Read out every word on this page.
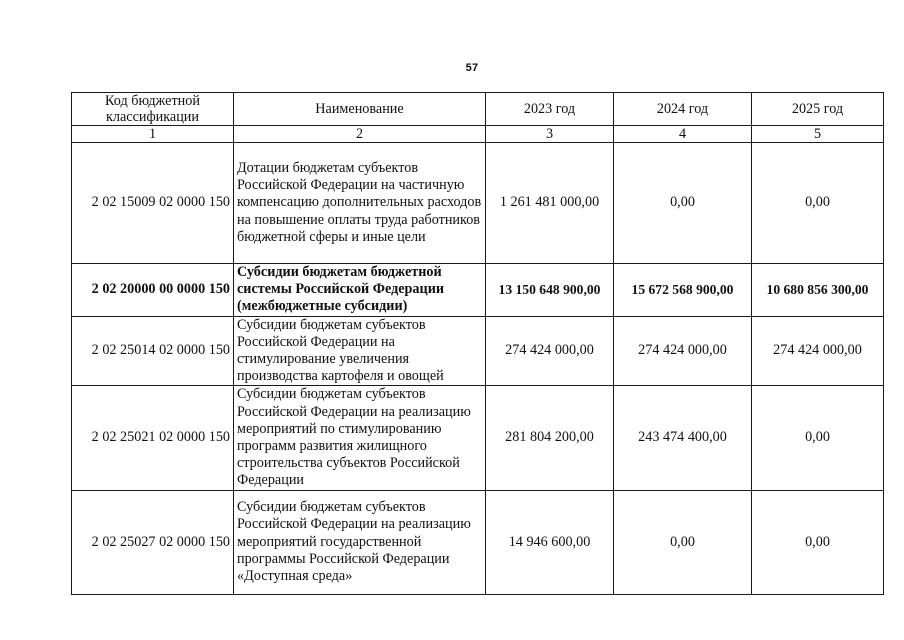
57
Код бюджетной классификации	Наименование	2023 год	2024 год	2025 год
1	2	3	4	5
2 02 15009 02 0000 150	Дотации бюджетам субъектов Российской Федерации на частичную компенсацию дополнительных расходов на повышение оплаты труда работников бюджетной сферы и иные цели	1 261 481 000,00	0,00	0,00
2 02 20000 00 0000 150	Субсидии бюджетам бюджетной системы Российской Федерации (межбюджетные субсидии)	13 150 648 900,00	15 672 568 900,00	10 680 856 300,00
2 02 25014 02 0000 150	Субсидии бюджетам субъектов Российской Федерации на стимулирование увеличения производства картофеля и овощей	274 424 000,00	274 424 000,00	274 424 000,00
2 02 25021 02 0000 150	Субсидии бюджетам субъектов Российской Федерации на реализацию мероприятий по стимулированию программ развития жилищного строительства субъектов Российской Федерации	281 804 200,00	243 474 400,00	0,00
2 02 25027 02 0000 150	Субсидии бюджетам субъектов Российской Федерации на реализацию мероприятий государственной программы Российской Федерации «Доступная среда»	14 946 600,00	0,00	0,00
